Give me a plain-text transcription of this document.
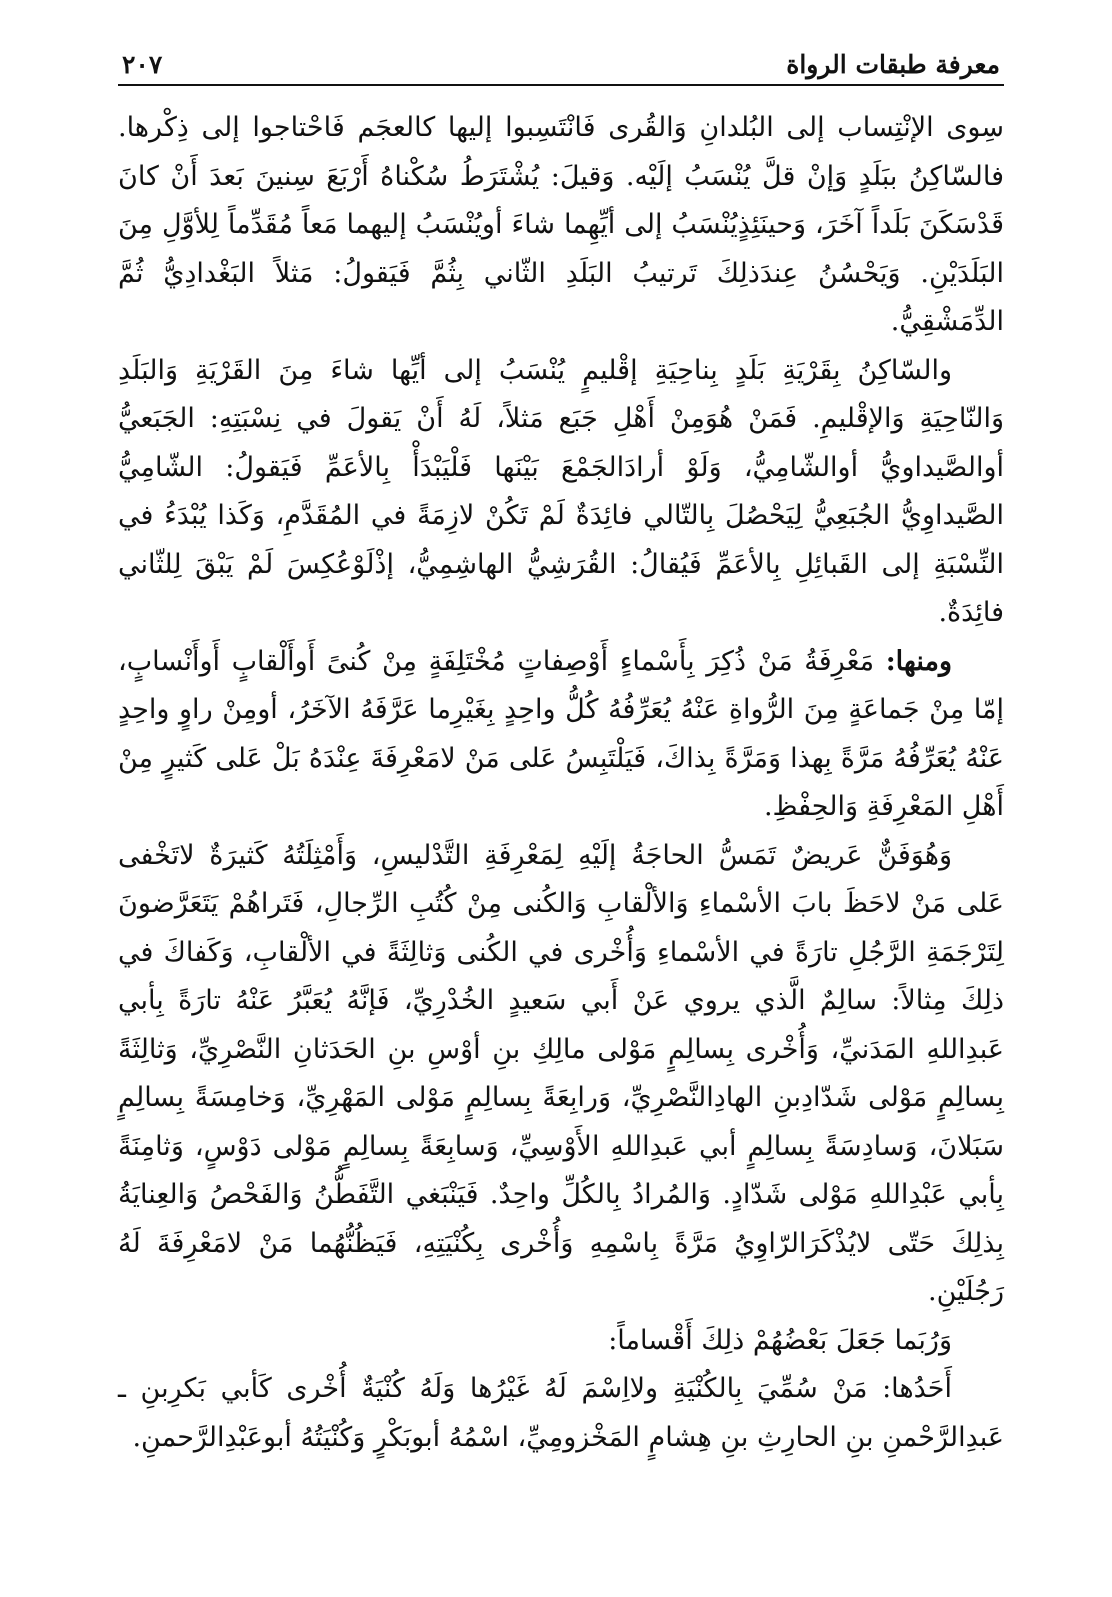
معرفة طبقات الرواة
٢٠٧

سِوى الإنْتِساب إلى البُلدانِ وَالقُرى فَانْتَسِبوا إليها كالعجَم فَاحْتاجوا إلى ذِكْرها. فالسّاكِنُ ببَلَدٍ وَإنْ قلَّ يُنْسَبُ إلَيْه. وَقيلَ: يُشْتَرَطُ سُكْناهُ أَرْبَعَ سِنينَ بَعدَ أَنْ كانَ قَدْسَكَنَ بَلَداً آخَرَ، وَحينَئِذٍيُنْسَبُ إلى أيِّهِما شاءَ أويُنْسَبُ إليهما مَعاً مُقَدِّماً لِلأوَّلِ مِنَ البَلَدَيْنِ. وَيَحْسُنُ عِندَذلِكَ تَرتيبُ البَلَدِ الثّاني بِثُمَّ فَيَقولُ: مَثلاً البَغْدادِيُّ ثُمَّ الدِّمَشْقِيُّ.

والسّاكِنُ بِقَرْيَةِ بَلَدٍ بِناحِيَةِ إقْليمٍ يُنْسَبُ إلى أيِّها شاءَ مِنَ القَرْيَةِ وَالبَلَدِ وَالنّاحِيَةِ وَالإقْليمِ. فَمَنْ هُوَمِنْ أَهْلِ جَبَع مَثلاً، لَهُ أَنْ يَقولَ في نِسْبَتِهِ: الجَبَعيُّ أوالصَّيداويُّ أوالشّامِيُّ، وَلَوْ أرادَالجَمْعَ بَيْنَها فَلْيَبْدَأْ بِالأعَمِّ فَيَقولُ: الشّامِيُّ الصَّيداوِيُّ الجُبَعِيُّ لِيَحْصُلَ بِالتّالي فائِدَةٌ لَمْ تَكُنْ لازِمَةً في المُقَدَّمِ، وَكَذا يُبْدَءُ في النِّسْبَةِ إلى القَبائِلِ بِالأعَمِّ فَيُقالُ: القُرَشِيُّ الهاشِمِيُّ، إذْلَوْعُكِسَ لَمْ يَبْقَ لِلثّاني فائِدَةٌ.

ومنها: مَعْرِفَةُ مَنْ ذُكِرَ بِأَسْماءٍ أَوْصِفاتٍ مُخْتَلِفَةٍ مِنْ كُنىً أَوأَلْقابٍ أَوأَنْسابٍ، إمّا مِنْ جَماعَةٍ مِنَ الرُّواةِ عَنْهُ يُعَرِّفُهُ كُلُّ واحِدٍ بِغَيْرِما عَرَّفَهُ الآخَرُ، أومِنْ راوٍ واحِدٍ عَنْهُ يُعَرِّفُهُ مَرَّةً بِهذا وَمَرَّةً بِذاكَ، فَيَلْتَبِسُ عَلى مَنْ لامَعْرِفَةَ عِنْدَهُ بَلْ عَلى كَثيرٍ مِنْ أَهْلِ المَعْرِفَةِ وَالحِفْظِ.

وَهُوَفَنٌّ عَريضٌ تَمَسُّ الحاجَةُ إلَيْهِ لِمَعْرِفَةِ التَّدْليسِ، وَأَمْثِلَتُهُ كَثيرَةٌ لاتَخْفى عَلى مَنْ لاحَظَ بابَ الأسْماءِ وَالألْقابِ وَالكُنى مِنْ كُتُبِ الرِّجالِ، فَتَراهُمْ يَتَعَرَّضونَ لِتَرْجَمَةِ الرَّجُلِ تارَةً في الأسْماءِ وَأُخْرى في الكُنى وَثالِثَةً في الألْقابِ، وَكَفاكَ في ذلِكَ مِثالاً: سالِمٌ الَّذي يروي عَنْ أَبي سَعيدٍ الخُدْرِيِّ، فَإنَّهُ يُعَبَّرُ عَنْهُ تارَةً بِأبي عَبدِاللهِ المَدَنيِّ، وَأُخْرى بِسالِمٍ مَوْلى مالِكِ بنِ أوْسِ بنِ الحَدَثانِ النَّصْرِيِّ، وَثالِثَةً بِسالِمٍ مَوْلى شَدّادِبنِ الهادِالنَّصْرِيِّ، وَرابِعَةً بِسالِمٍ مَوْلى المَهْرِيِّ، وَخامِسَةً بِسالِمٍ سَبَلانَ، وَسادِسَةً بِسالِمٍ أبي عَبدِاللهِ الأَوْسِيِّ، وَسابِعَةً بِسالِمٍ مَوْلى دَوْسٍ، وَثامِنَةً بِأبي عَبْدِاللهِ مَوْلى شَدّادٍ. وَالمُرادُ بِالكُلِّ واحِدٌ. فَيَنْبَغي التَّفَطُّنُ وَالفَحْصُ وَالعِنايَةُ بِذلِكَ حَتّى لايُذْكَرَالرّاوِيُ مَرَّةً بِاسْمِهِ وَأُخْرى بِكُنْيَتِهِ، فَيَظُنُّهُما مَنْ لامَعْرِفَةَ لَهُ رَجُلَيْنِ.

وَرُبَما جَعَلَ بَعْضُهُمْ ذلِكَ أَقْساماً:

أَحَدُها: مَنْ سُمِّيَ بِالكُنْيَةِ ولااِسْمَ لَهُ غَيْرُها وَلَهُ كُنْيَةٌ أُخْرى كَأبي بَكرِبنِ ـ عَبدِالرَّحْمنِ بنِ الحارِثِ بنِ هِشامٍ المَخْزومِيِّ، اسْمُهُ أبوبَكْرٍ وَكُنْيَتُهُ أبوعَبْدِالرَّحمنِ.
